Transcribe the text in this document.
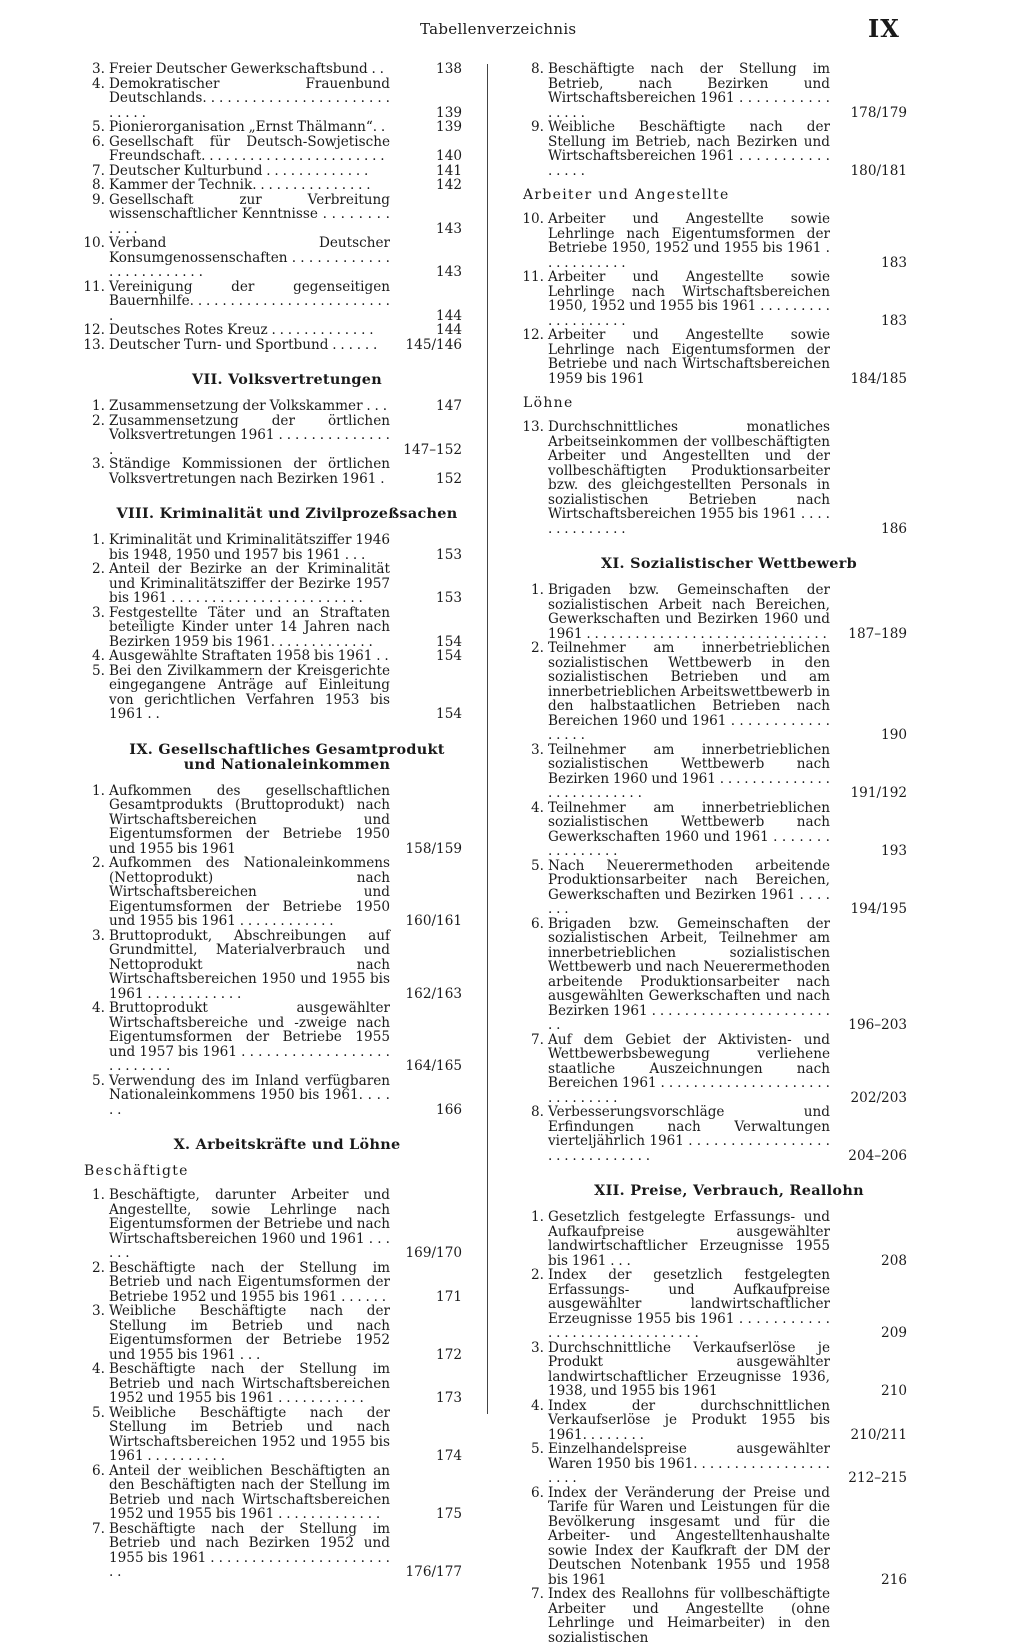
Tabellenverzeichnis	IX
3. Freier Deutscher Gewerkschaftsbund . .	138
4. Demokratischer Frauenbund Deutschlands. . . . . . . . . . . . . . . . . . . . . . . . . . . .	139
5. Pionierorganisation „Ernst Thälmann“. .	139
6. Gesellschaft für Deutsch-Sowjetische Freundschaft. . . . . . . . . . . . . . . . . . . . . . .	140
7. Deutscher Kulturbund . . . . . . . . . . . . .	141
8. Kammer der Technik. . . . . . . . . . . . . . .	142
9. Gesellschaft zur Verbreitung wissenschaftlicher Kenntnisse . . . . . . . . . . . .	143
10. Verband Deutscher Konsumgenossenschaften . . . . . . . . . . . . . . . . . . . . . . . .	143
11. Vereinigung der gegenseitigen Bauernhilfe. . . . . . . . . . . . . . . . . . . . . . . . . .	144
12. Deutsches Rotes Kreuz . . . . . . . . . . . . .	144
13. Deutscher Turn- und Sportbund . . . . . .	145/146
VII. Volksvertretungen
1. Zusammensetzung der Volkskammer . . .	147
2. Zusammensetzung der örtlichen Volksvertretungen 1961 . . . . . . . . . . . . . . .	147–152
3. Ständige Kommissionen der örtlichen Volksvertretungen nach Bezirken 1961 .	152
VIII. Kriminalität und Zivilprozeßsachen
1. Kriminalität und Kriminalitätsziffer 1946 bis 1948, 1950 und 1957 bis 1961 . . .	153
2. Anteil der Bezirke an der Kriminalität und Kriminalitätsziffer der Bezirke 1957 bis 1961 . . . . . . . . . . . . . . . . . . . . . . . .	153
3. Festgestellte Täter und an Straftaten beteiligte Kinder unter 14 Jahren nach Bezirken 1959 bis 1961. . . . . . . . . . . . .	154
4. Ausgewählte Straftaten 1958 bis 1961 . .	154
5. Bei den Zivilkammern der Kreisgerichte eingegangene Anträge auf Einleitung von gerichtlichen Verfahren 1953 bis 1961 . .	154
IX. Gesellschaftliches Gesamtprodukt und Nationaleinkommen
1. Aufkommen des gesellschaftlichen Gesamtprodukts (Bruttoprodukt) nach Wirtschaftsbereichen und Eigentumsformen der Betriebe 1950 und 1955 bis 1961	158/159
2. Aufkommen des Nationaleinkommens (Nettoprodukt) nach Wirtschaftsbereichen und Eigentumsformen der Betriebe 1950 und 1955 bis 1961 . . . . . . . . . . . .	160/161
3. Bruttoprodukt, Abschreibungen auf Grundmittel, Materialverbrauch und Nettoprodukt nach Wirtschaftsbereichen 1950 und 1955 bis 1961 . . . . . . . . . . . .	162/163
4. Bruttoprodukt ausgewählter Wirtschaftsbereiche und -zweige nach Eigentumsformen der Betriebe 1955 und 1957 bis 1961 . . . . . . . . . . . . . . . . . . . . . . . . . .	164/165
5. Verwendung des im Inland verfügbaren Nationaleinkommens 1950 bis 1961. . . . . .	166
X. Arbeitskräfte und Löhne
Beschäftigte
1. Beschäftigte, darunter Arbeiter und Angestellte, sowie Lehrlinge nach Eigentumsformen der Betriebe und nach Wirtschaftsbereichen 1960 und 1961 . . . . . .	169/170
2. Beschäftigte nach der Stellung im Betrieb und nach Eigentumsformen der Betriebe 1952 und 1955 bis 1961 . . . . . .	171
3. Weibliche Beschäftigte nach der Stellung im Betrieb und nach Eigentumsformen der Betriebe 1952 und 1955 bis 1961 . . .	172
4. Beschäftigte nach der Stellung im Betrieb und nach Wirtschaftsbereichen 1952 und 1955 bis 1961 . . . . . . . . . . .	173
5. Weibliche Beschäftigte nach der Stellung im Betrieb und nach Wirtschaftsbereichen 1952 und 1955 bis 1961 . . . . . . . . . .	174
6. Anteil der weiblichen Beschäftigten an den Beschäftigten nach der Stellung im Betrieb und nach Wirtschaftsbereichen 1952 und 1955 bis 1961 . . . . . . . . . . . . .	175
7. Beschäftigte nach der Stellung im Betrieb und nach Bezirken 1952 und 1955 bis 1961 . . . . . . . . . . . . . . . . . . . . . . . .	176/177
8. Beschäftigte nach der Stellung im Betrieb, nach Bezirken und Wirtschaftsbereichen 1961 . . . . . . . . . . . . . . . .	178/179
9. Weibliche Beschäftigte nach der Stellung im Betrieb, nach Bezirken und Wirtschaftsbereichen 1961 . . . . . . . . . . . . . . . .	180/181
Arbeiter und Angestellte
10. Arbeiter und Angestellte sowie Lehrlinge nach Eigentumsformen der Betriebe 1950, 1952 und 1955 bis 1961 . . . . . . . . . . .	183
11. Arbeiter und Angestellte sowie Lehrlinge nach Wirtschaftsbereichen 1950, 1952 und 1955 bis 1961 . . . . . . . . . . . . . . . . . . .	183
12. Arbeiter und Angestellte sowie Lehrlinge nach Eigentumsformen der Betriebe und nach Wirtschaftsbereichen 1959 bis 1961	184/185
Löhne
13. Durchschnittliches monatliches Arbeitseinkommen der vollbeschäftigten Arbeiter und Angestellten und der vollbeschäftigten Produktionsarbeiter bzw. des gleichgestellten Personals in sozialistischen Betrieben nach Wirtschaftsbereichen 1955 bis 1961 . . . . . . . . . . . . . .	186
XI. Sozialistischer Wettbewerb
1. Brigaden bzw. Gemeinschaften der sozialistischen Arbeit nach Bereichen, Gewerkschaften und Bezirken 1960 und 1961 . . . . . . . . . . . . . . . . . . . . . . . . . . . . . .	187–189
2. Teilnehmer am innerbetrieblichen sozialistischen Wettbewerb in den sozialistischen Betrieben und am innerbetrieblichen Arbeitswettbewerb in den halbstaatlichen Betrieben nach Bereichen 1960 und 1961 . . . . . . . . . . . . . . . . .	190
3. Teilnehmer am innerbetrieblichen sozialistischen Wettbewerb nach Bezirken 1960 und 1961 . . . . . . . . . . . . . . . . . . . . . . . . . .	191/192
4. Teilnehmer am innerbetrieblichen sozialistischen Wettbewerb nach Gewerkschaften 1960 und 1961 . . . . . . . . . . . . . . . .	193
5. Nach Neuerermethoden arbeitende Produktionsarbeiter nach Bereichen, Gewerkschaften und Bezirken 1961 . . . . . . .	194/195
6. Brigaden bzw. Gemeinschaften der sozialistischen Arbeit, Teilnehmer am innerbetrieblichen sozialistischen Wettbewerb und nach Neuerermethoden arbeitende Produktionsarbeiter nach ausgewählten Gewerkschaften und nach Bezirken 1961 . . . . . . . . . . . . . . . . . . . . . . . .	196–203
7. Auf dem Gebiet der Aktivisten- und Wettbewerbsbewegung verliehene staatliche Auszeichnungen nach Bereichen 1961 . . . . . . . . . . . . . . . . . . . . . . . . . . . . . .	202/203
8. Verbesserungsvorschläge und Erfindungen nach Verwaltungen vierteljährlich 1961 . . . . . . . . . . . . . . . . . . . . . . . . . . . . . .	204–206
XII. Preise, Verbrauch, Reallohn
1. Gesetzlich festgelegte Erfassungs- und Aufkaufpreise ausgewählter landwirtschaftlicher Erzeugnisse 1955 bis 1961 . . .	208
2. Index der gesetzlich festgelegten Erfassungs- und Aufkaufpreise ausgewählter landwirtschaftlicher Erzeugnisse 1955 bis 1961 . . . . . . . . . . . . . . . . . . . . . . . . . . . . . .	209
3. Durchschnittliche Verkaufserlöse je Produkt ausgewählter landwirtschaftlicher Erzeugnisse 1936, 1938, und 1955 bis 1961	210
4. Index der durchschnittlichen Verkaufserlöse je Produkt 1955 bis 1961. . . . . . . .	210/211
5. Einzelhandelspreise ausgewählter Waren 1950 bis 1961. . . . . . . . . . . . . . . . . . . . .	212–215
6. Index der Veränderung der Preise und Tarife für Waren und Leistungen für die Bevölkerung insgesamt und für die Arbeiter- und Angestelltenhaushalte sowie Index der Kaufkraft der DM der Deutschen Notenbank 1955 und 1958 bis 1961	216
7. Index des Reallohns für vollbeschäftigte Arbeiter und Angestellte (ohne Lehrlinge und Heimarbeiter) in den sozialistischen
